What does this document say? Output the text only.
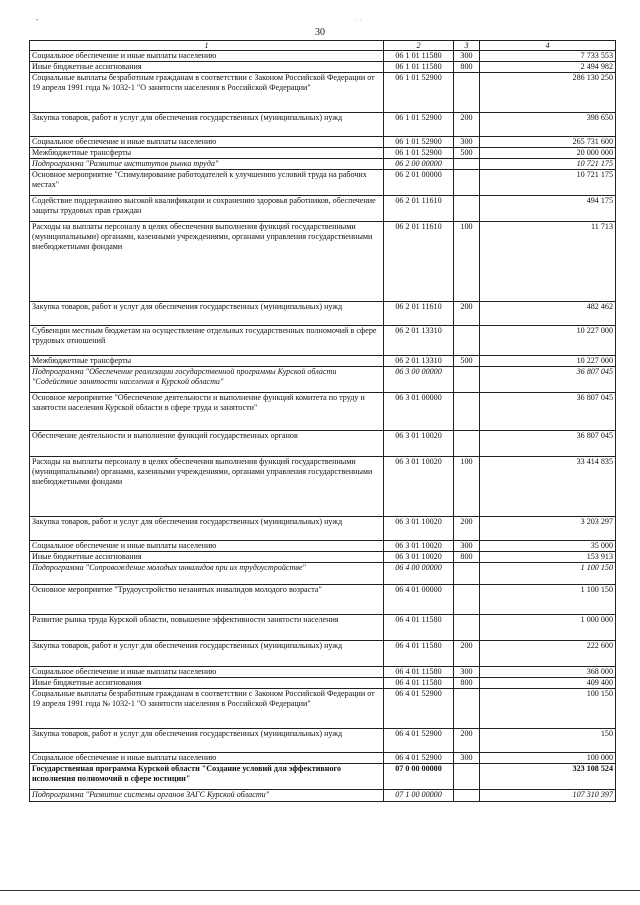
•	· ·
30
1	2	3	4
Социальное обеспечение и иные выплаты населению	06 1 01 11580	300	7 733 553
Иные бюджетные ассигнования	06 1 01 11580	800	2 494 982
Социальные выплаты безработным гражданам в соответствии с Законом Российской Федерации от 19 апреля 1991 года № 1032-1 "О занятости населения в Российской Федерации"	06 1 01 52900		286 130 250
Закупка товаров, работ и услуг для обеспечения государственных (муниципальных) нужд	06 1 01 52900	200	398 650
Социальное обеспечение и иные выплаты населению	06 1 01 52900	300	265 731 600
Межбюджетные трансферты	06 1 01 52900	500	20 000 000
Подпрограмма "Развитие институтов рынка труда"	06 2 00 00000		10 721 175
Основное мероприятие "Стимулирование работодателей к улучшению условий труда на рабочих местах"	06 2 01 00000		10 721 175
Содействие поддержанию высокой квалификации и сохранению здоровья работников, обеспечение защиты трудовых прав граждан	06 2 01 11610		494 175
Расходы на выплаты персоналу в целях обеспечения выполнения функций государственными (муниципальными) органами, казенными учреждениями, органами управления государственными внебюджетными фондами	06 2 01 11610	100	11 713
Закупка товаров, работ и услуг для обеспечения государственных (муниципальных) нужд	06 2 01 11610	200	482 462
Субвенции местным бюджетам на осуществление отдельных государственных полномочий в сфере трудовых отношений	06 2 01 13310		10 227 000
Межбюджетные трансферты	06 2 01 13310	500	10 227 000
Подпрограмма "Обеспечение реализации государственной программы Курской области "Содействие занятости населения в Курской области"	06 3 00 00000		36 807 045
Основное мероприятие "Обеспечение деятельности и выполнение функций комитета по труду и занятости населения Курской области в сфере труда и занятости"	06 3 01 00000		36 807 045
Обеспечение деятельности и выполнение функций государственных органов	06 3 01 10020		36 807 045
Расходы на выплаты персоналу в целях обеспечения выполнения функций государственными (муниципальными) органами, казенными учреждениями, органами управления государственными внебюджетными фондами	06 3 01 10020	100	33 414 835
Закупка товаров, работ и услуг для обеспечения государственных (муниципальных) нужд	06 3 01 10020	200	3 203 297
Социальное обеспечение и иные выплаты населению	06 3 01 10020	300	35 000
Иные бюджетные ассигнования	06 3 01 10020	800	153 913
Подпрограмма "Сопровождение молодых инвалидов при их трудоустройстве"	06 4 00 00000		1 100 150
Основное мероприятие "Трудоустройство незанятых инвалидов молодого возраста"	06 4 01 00000		1 100 150
Развитие рынка труда Курской области, повышение эффективности занятости населения	06 4 01 11580		1 000 000
Закупка товаров, работ и услуг для обеспечения государственных (муниципальных) нужд	06 4 01 11580	200	222 600
Социальное обеспечение и иные выплаты населению	06 4 01 11580	300	368 000
Иные бюджетные ассигнования	06 4 01 11580	800	409 400
Социальные выплаты безработным гражданам в соответствии с Законом Российской Федерации от 19 апреля 1991 года № 1032-1 "О занятости населения в Российской Федерации"	06 4 01 52900		100 150
Закупка товаров, работ и услуг для обеспечения государственных (муниципальных) нужд	06 4 01 52900	200	150
Социальное обеспечение и иные выплаты населению	06 4 01 52900	300	100 000
Государственная программа Курской области "Создание условий для эффективного исполнения полномочий в сфере юстиции"	07 0 00 00000		323 108 524
Подпрограмма "Развитие системы органов ЗАГС Курской области"	07 1 00 00000		107 310 397
